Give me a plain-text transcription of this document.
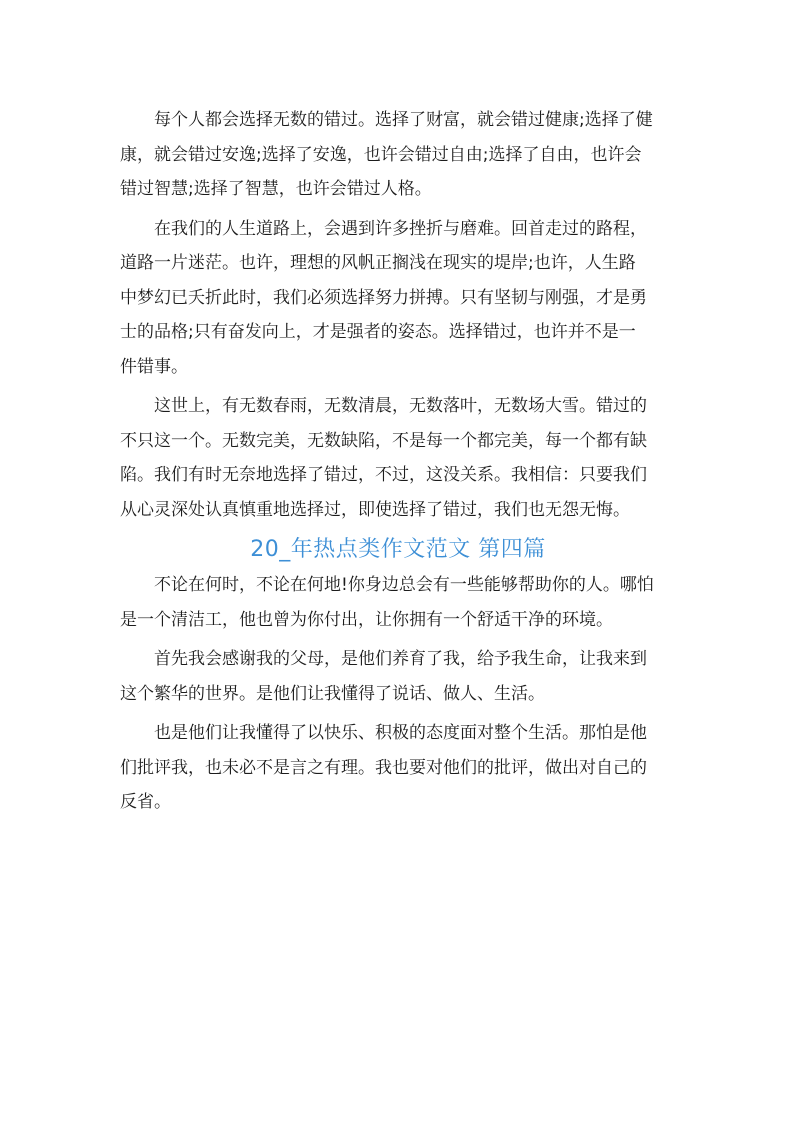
每个人都会选择无数的错过。选择了财富，就会错过健康;选择了健
康，就会错过安逸;选择了安逸，也许会错过自由;选择了自由，也许会
错过智慧;选择了智慧，也许会错过人格。

在我们的人生道路上，会遇到许多挫折与磨难。回首走过的路程，
道路一片迷茫。也许，理想的风帆正搁浅在现实的堤岸;也许，人生路
中梦幻已夭折此时，我们必须选择努力拼搏。只有坚韧与刚强，才是勇
士的品格;只有奋发向上，才是强者的姿态。选择错过，也许并不是一
件错事。

这世上，有无数春雨，无数清晨，无数落叶，无数场大雪。错过的
不只这一个。无数完美，无数缺陷，不是每一个都完美，每一个都有缺
陷。我们有时无奈地选择了错过，不过，这没关系。我相信：只要我们
从心灵深处认真慎重地选择过，即使选择了错过，我们也无怨无悔。

20_年热点类作文范文 第四篇

不论在何时，不论在何地!你身边总会有一些能够帮助你的人。哪怕
是一个清洁工，他也曾为你付出，让你拥有一个舒适干净的环境。

首先我会感谢我的父母，是他们养育了我，给予我生命，让我来到
这个繁华的世界。是他们让我懂得了说话、做人、生活。

也是他们让我懂得了以快乐、积极的态度面对整个生活。那怕是他
们批评我，也未必不是言之有理。我也要对他们的批评，做出对自己的
反省。
